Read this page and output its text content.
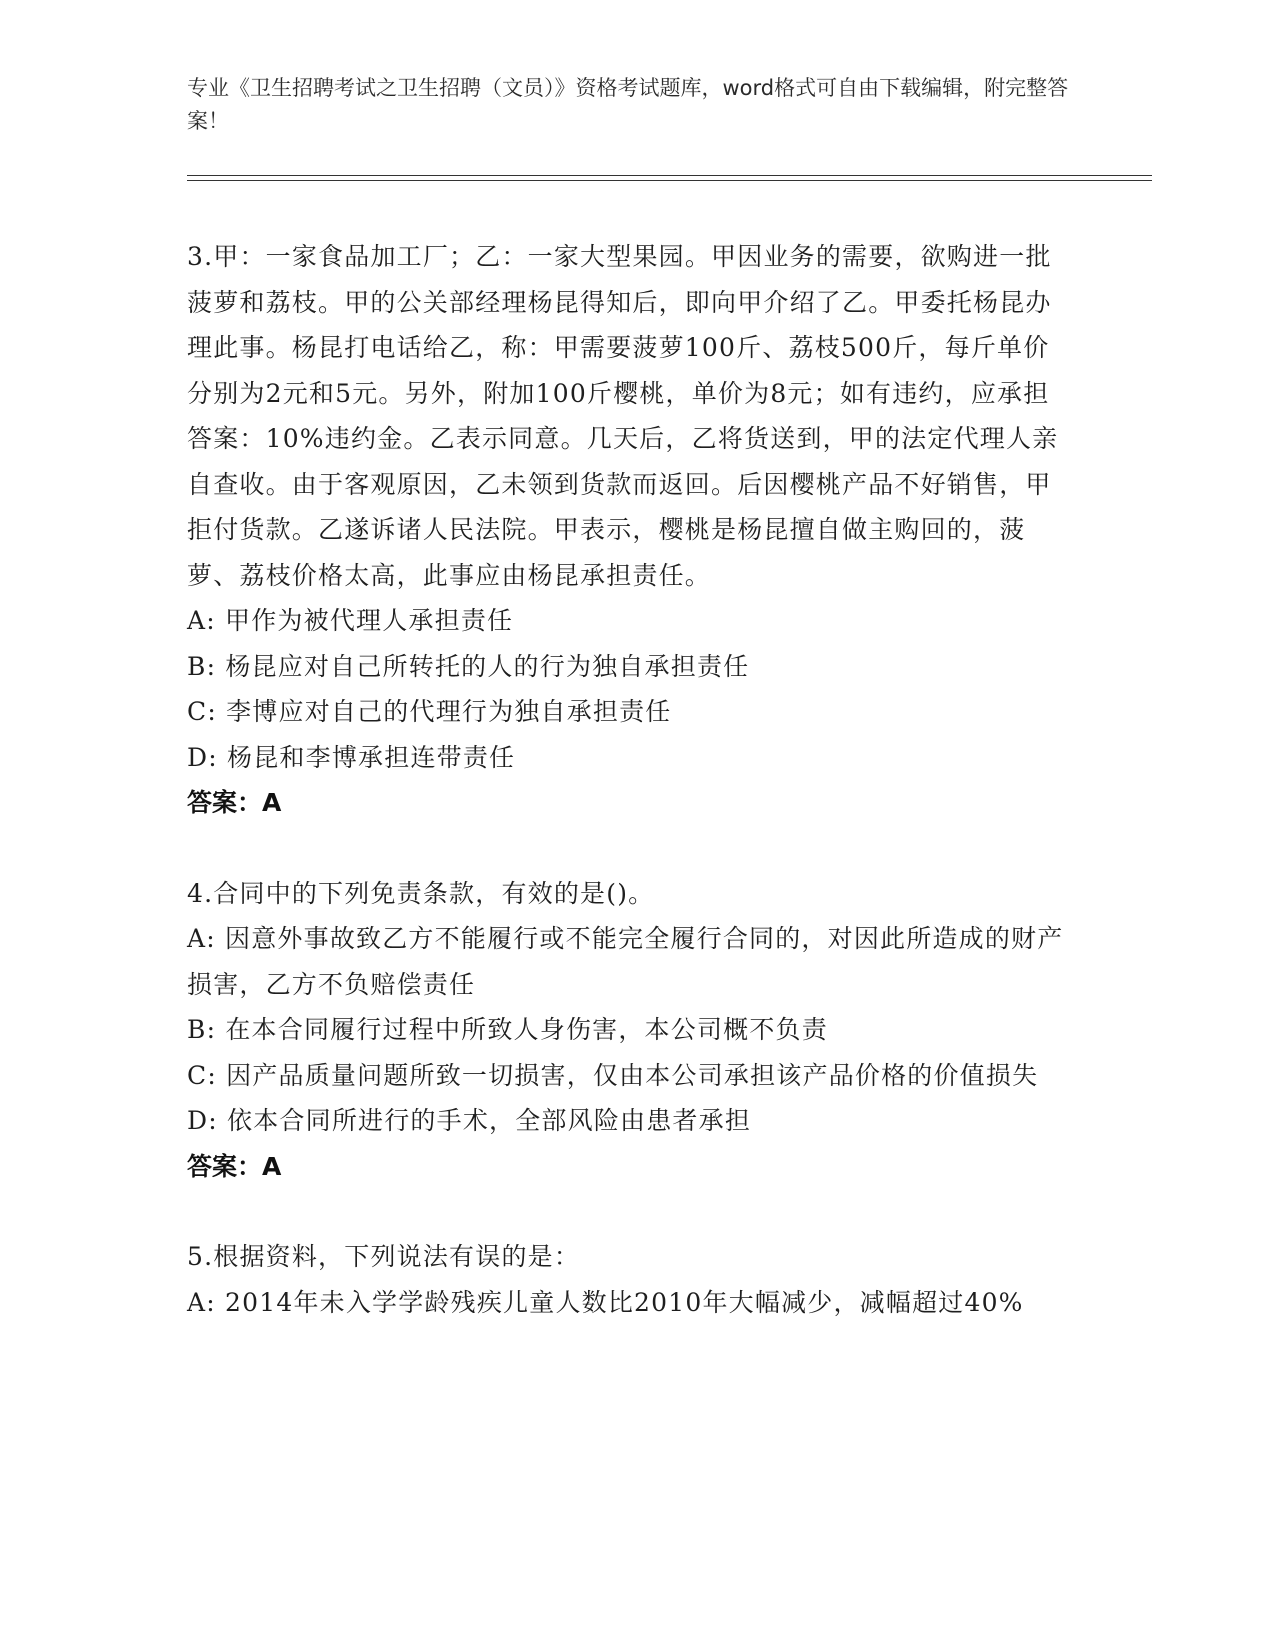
专业《卫生招聘考试之卫生招聘（文员）》资格考试题库，word格式可自由下载编辑，附完整答案！
3.甲：一家食品加工厂；乙：一家大型果园。甲因业务的需要，欲购进一批菠萝和荔枝。甲的公关部经理杨昆得知后，即向甲介绍了乙。甲委托杨昆办理此事。杨昆打电话给乙，称：甲需要菠萝100斤、荔枝500斤，每斤单价分别为2元和5元。另外，附加100斤樱桃，单价为8元；如有违约，应承担答案：10%违约金。乙表示同意。几天后，乙将货送到，甲的法定代理人亲自查收。由于客观原因，乙未领到货款而返回。后因樱桃产品不好销售，甲拒付货款。乙遂诉诸人民法院。甲表示，樱桃是杨昆擅自做主购回的，菠萝、荔枝价格太高，此事应由杨昆承担责任。
A: 甲作为被代理人承担责任
B: 杨昆应对自己所转托的人的行为独自承担责任
C: 李博应对自己的代理行为独自承担责任
D: 杨昆和李博承担连带责任
答案：A
4.合同中的下列免责条款，有效的是()。
A: 因意外事故致乙方不能履行或不能完全履行合同的，对因此所造成的财产损害，乙方不负赔偿责任
B: 在本合同履行过程中所致人身伤害，本公司概不负责
C: 因产品质量问题所致一切损害，仅由本公司承担该产品价格的价值损失
D: 依本合同所进行的手术，全部风险由患者承担
答案：A
5.根据资料，下列说法有误的是：
A: 2014年未入学学龄残疾儿童人数比2010年大幅减少，减幅超过40%
